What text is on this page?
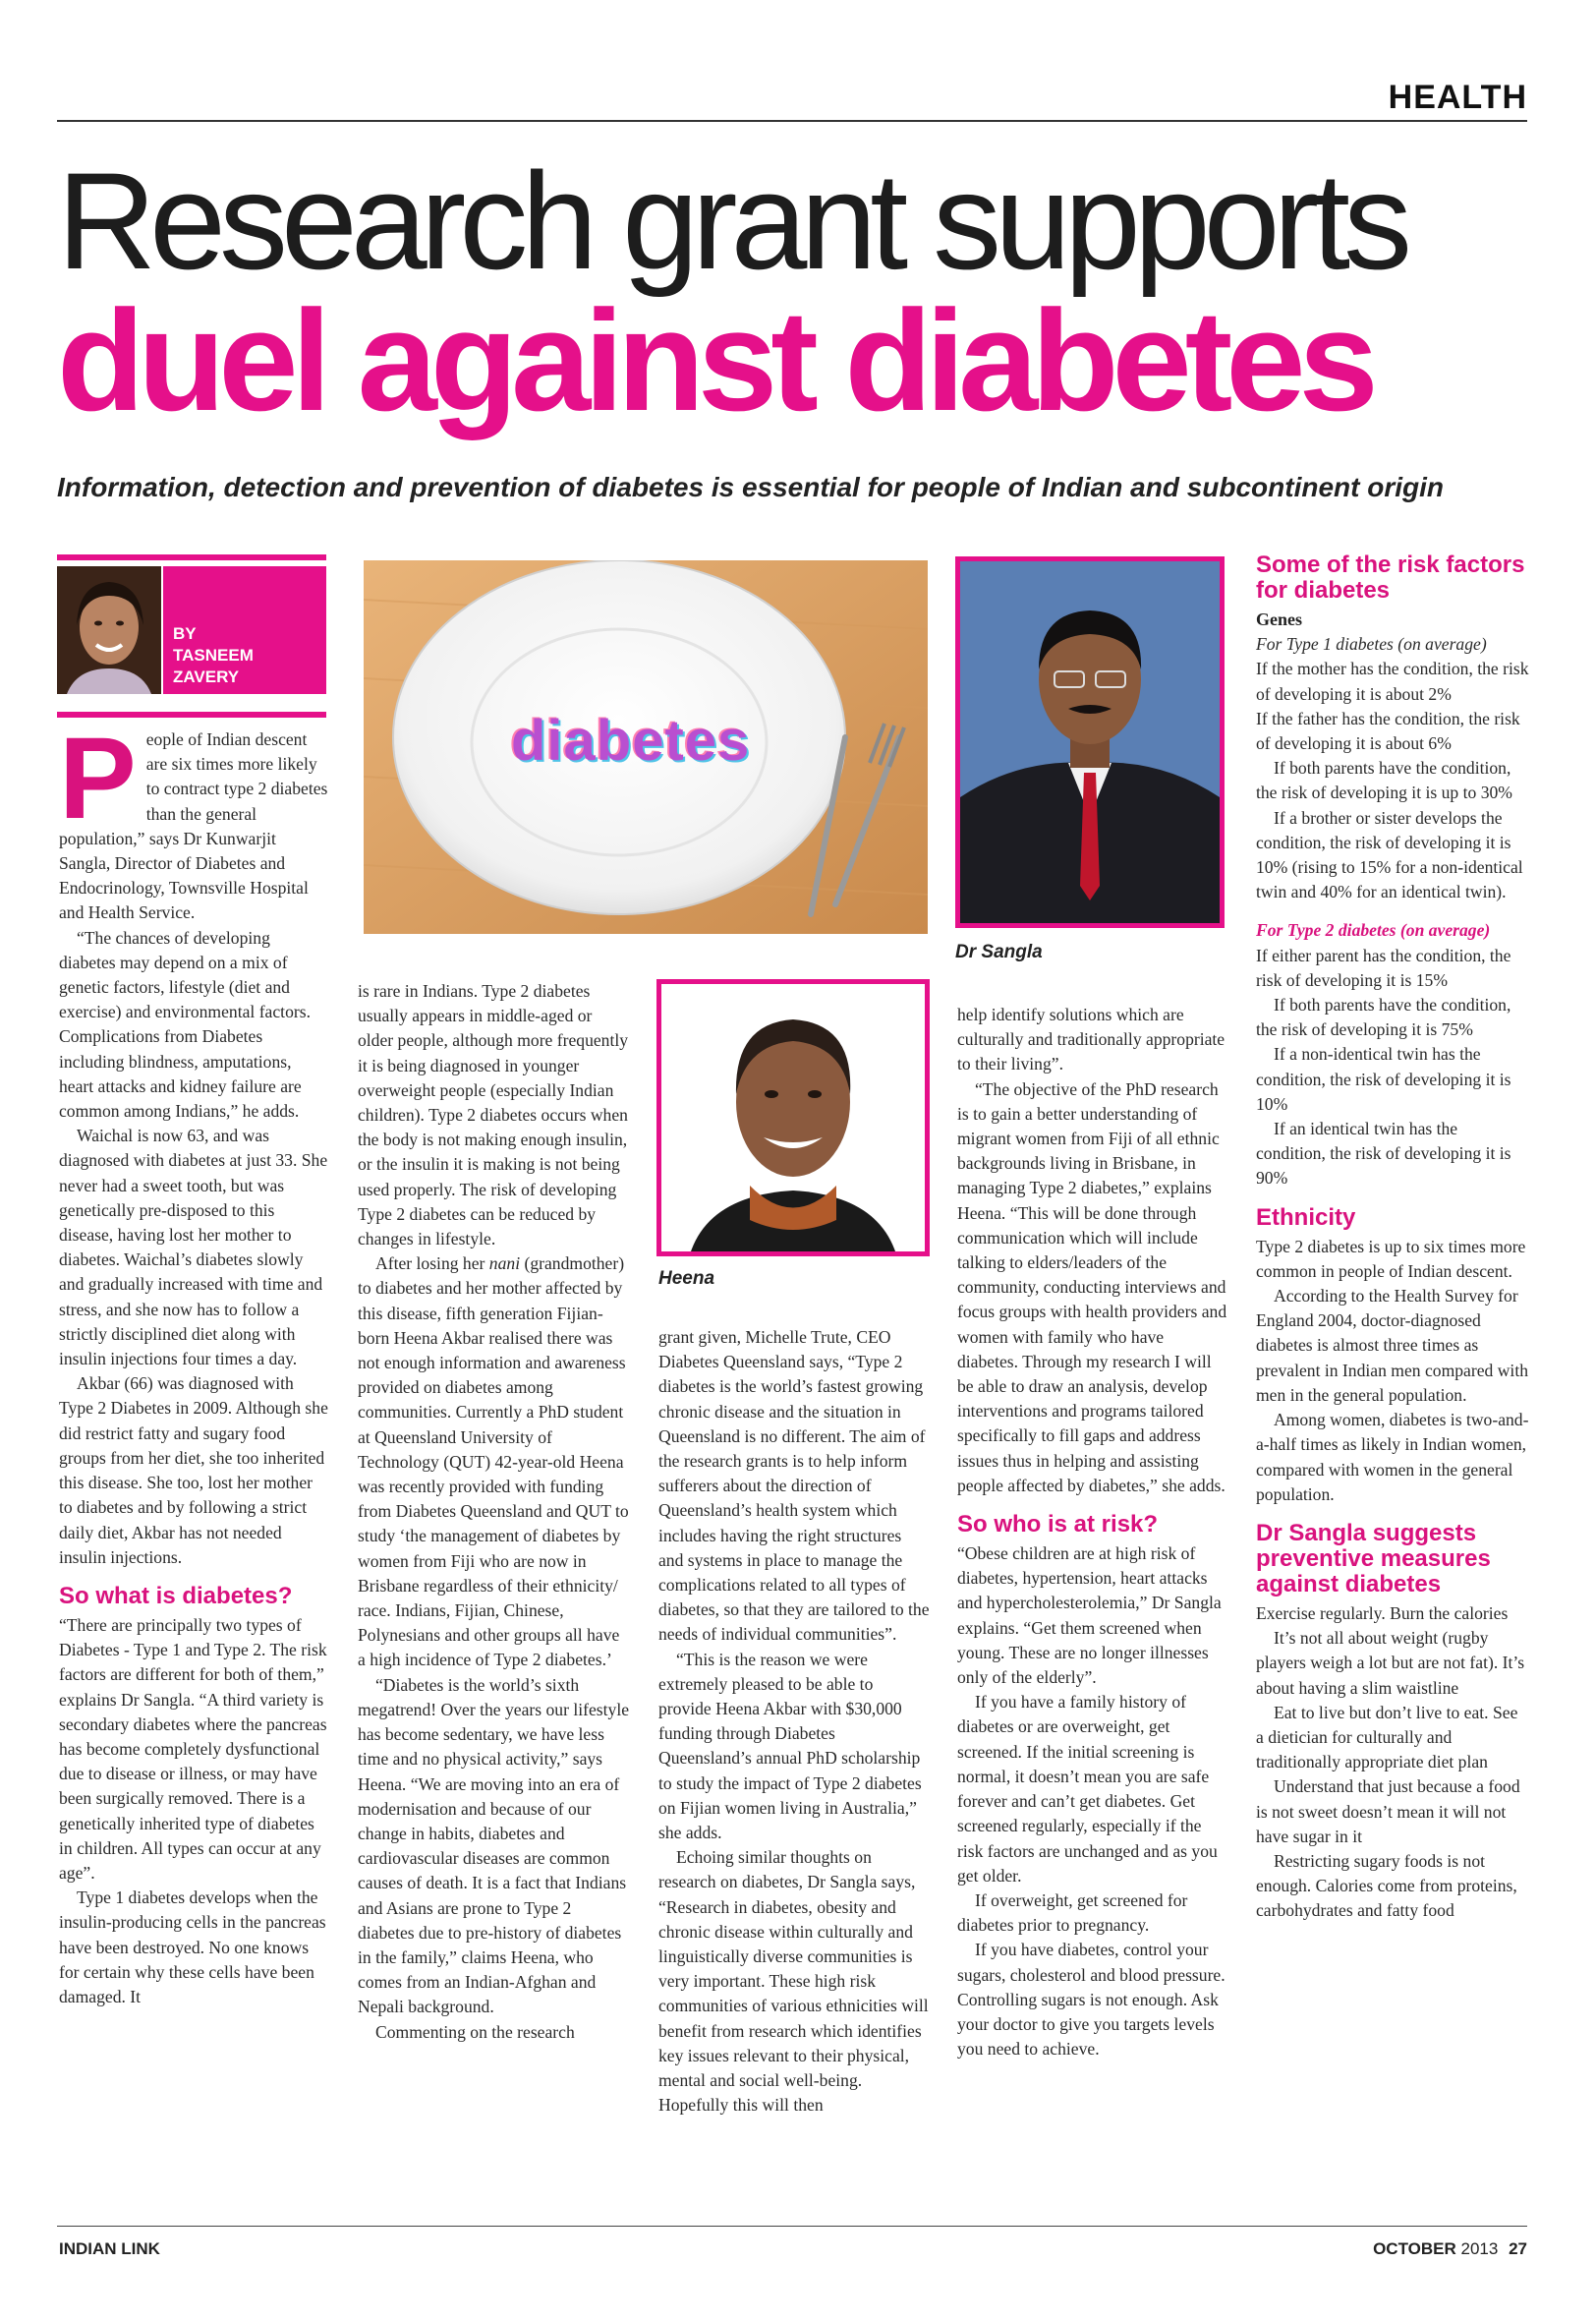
HEALTH
Research grant supports
duel against diabetes
Information, detection and prevention of diabetes is essential for people of Indian and subcontinent origin
BY
TASNEEM
ZAVERY
diabetes
Dr Sangla
Heena

People of Indian descent are six times more likely to contract type 2 diabetes than the general population,” says Dr Kunwarjit Sangla, Director of Diabetes and Endocrinology, Townsville Hospital and Health Service.

“The chances of developing diabetes may depend on a mix of genetic factors, lifestyle (diet and exercise) and environmental factors. Complications from Diabetes including blindness, amputations, heart attacks and kidney failure are common among Indians,” he adds.

Waichal is now 63, and was diagnosed with diabetes at just 33. She never had a sweet tooth, but was genetically pre-disposed to this disease, having lost her mother to diabetes. Waichal’s diabetes slowly and gradually increased with time and stress, and she now has to follow a strictly disciplined diet along with insulin injections four times a day.

Akbar (66) was diagnosed with Type 2 Diabetes in 2009. Although she did restrict fatty and sugary food groups from her diet, she too inherited this disease. She too, lost her mother to diabetes and by following a strict daily diet, Akbar has not needed insulin injections.

So what is diabetes?

“There are principally two types of Diabetes - Type 1 and Type 2. The risk factors are different for both of them,” explains Dr Sangla. “A third variety is secondary diabetes where the pancreas has become completely dysfunctional due to disease or illness, or may have been surgically removed. There is a genetically inherited type of diabetes in children. All types can occur at any age”.

Type 1 diabetes develops when the insulin-producing cells in the pancreas have been destroyed. No one knows for certain why these cells have been damaged. It

is rare in Indians. Type 2 diabetes usually appears in middle-aged or older people, although more frequently it is being diagnosed in younger overweight people (especially Indian children). Type 2 diabetes occurs when the body is not making enough insulin, or the insulin it is making is not being used properly. The risk of developing Type 2 diabetes can be reduced by changes in lifestyle.

After losing her nani (grandmother) to diabetes and her mother affected by this disease, fifth generation Fijian-born Heena Akbar realised there was not enough information and awareness provided on diabetes among communities. Currently a PhD student at Queensland University of Technology (QUT) 42-year-old Heena was recently provided with funding from Diabetes Queensland and QUT to study ‘the management of diabetes by women from Fiji who are now in Brisbane regardless of their ethnicity/ race. Indians, Fijian, Chinese, Polynesians and other groups all have a high incidence of Type 2 diabetes.’

“Diabetes is the world’s sixth megatrend! Over the years our lifestyle has become sedentary, we have less time and no physical activity,” says Heena. “We are moving into an era of modernisation and because of our change in habits, diabetes and cardiovascular diseases are common causes of death. It is a fact that Indians and Asians are prone to Type 2 diabetes due to pre-history of diabetes in the family,” claims Heena, who comes from an Indian-Afghan and Nepali background.

Commenting on the research

grant given, Michelle Trute, CEO Diabetes Queensland says, “Type 2 diabetes is the world’s fastest growing chronic disease and the situation in Queensland is no different. The aim of the research grants is to help inform sufferers about the direction of Queensland’s health system which includes having the right structures and systems in place to manage the complications related to all types of diabetes, so that they are tailored to the needs of individual communities”.

“This is the reason we were extremely pleased to be able to provide Heena Akbar with $30,000 funding through Diabetes Queensland’s annual PhD scholarship to study the impact of Type 2 diabetes on Fijian women living in Australia,” she adds.

Echoing similar thoughts on research on diabetes, Dr Sangla says, “Research in diabetes, obesity and chronic disease within culturally and linguistically diverse communities is very important. These high risk communities of various ethnicities will benefit from research which identifies key issues relevant to their physical, mental and social well-being. Hopefully this will then

help identify solutions which are culturally and traditionally appropriate to their living”.

“The objective of the PhD research is to gain a better understanding of migrant women from Fiji of all ethnic backgrounds living in Brisbane, in managing Type 2 diabetes,” explains Heena. “This will be done through communication which will include talking to elders/leaders of the community, conducting interviews and focus groups with health providers and women with family who have diabetes. Through my research I will be able to draw an analysis, develop interventions and programs tailored specifically to fill gaps and address issues thus in helping and assisting people affected by diabetes,” she adds.

So who is at risk?

“Obese children are at high risk of diabetes, hypertension, heart attacks and hypercholesterolemia,” Dr Sangla explains. “Get them screened when young. These are no longer illnesses only of the elderly”.

If you have a family history of diabetes or are overweight, get screened. If the initial screening is normal, it doesn’t mean you are safe forever and can’t get diabetes. Get screened regularly, especially if the risk factors are unchanged and as you get older.

If overweight, get screened for diabetes prior to pregnancy.

If you have diabetes, control your sugars, cholesterol and blood pressure. Controlling sugars is not enough. Ask your doctor to give you targets levels you need to achieve.

Some of the risk factors for diabetes
Genes

For Type 1 diabetes (on average)

If the mother has the condition, the risk of developing it is about 2%

If the father has the condition, the risk of developing it is about 6%

If both parents have the condition, the risk of developing it is up to 30%

If a brother or sister develops the condition, the risk of developing it is 10% (rising to 15% for a non-identical twin and 40% for an identical twin).

For Type 2 diabetes (on average)

If either parent has the condition, the risk of developing it is 15%

If both parents have the condition, the risk of developing it is 75%

If a non-identical twin has the condition, the risk of developing it is 10%

If an identical twin has the condition, the risk of developing it is 90%

Ethnicity

Type 2 diabetes is up to six times more common in people of Indian descent.

According to the Health Survey for England 2004, doctor-diagnosed diabetes is almost three times as prevalent in Indian men compared with men in the general population.

Among women, diabetes is two-and-a-half times as likely in Indian women, compared with women in the general population.

Dr Sangla suggests preventive measures against diabetes

Exercise regularly. Burn the calories

It’s not all about weight (rugby players weigh a lot but are not fat). It’s about having a slim waistline

Eat to live but don’t live to eat. See a dietician for culturally and traditionally appropriate diet plan

Understand that just because a food is not sweet doesn’t mean it will not have sugar in it

Restricting sugary foods is not enough. Calories come from proteins, carbohydrates and fatty food

INDIAN LINK	OCTOBER 2013 27
